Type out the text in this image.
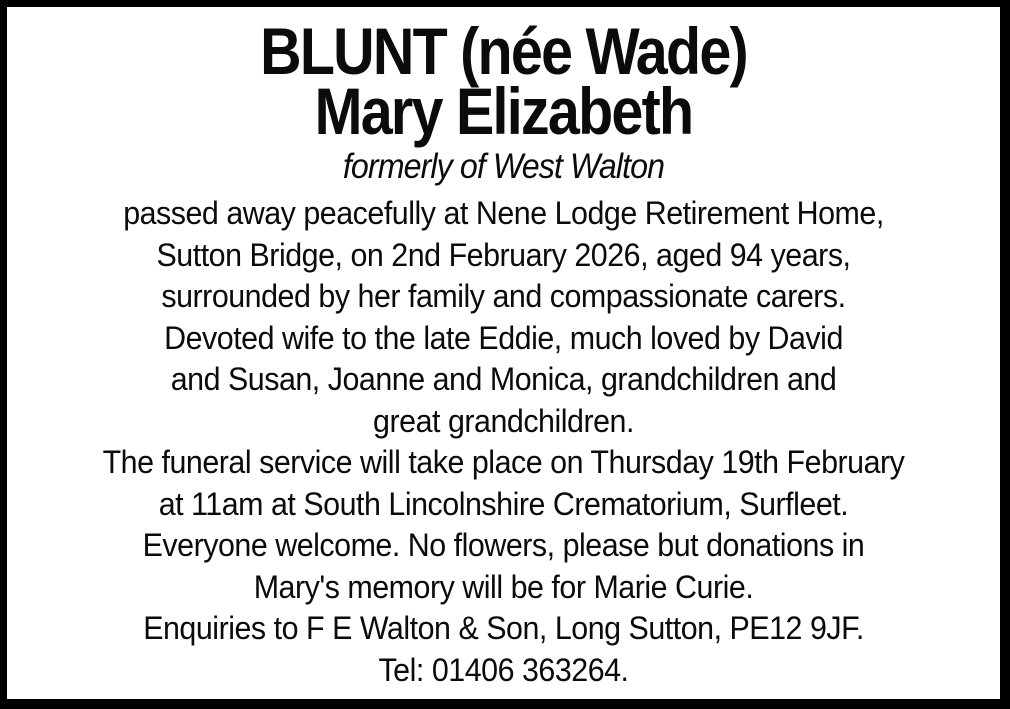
BLUNT (née Wade)
Mary Elizabeth
formerly of West Walton
passed away peacefully at Nene Lodge Retirement Home,
Sutton Bridge, on 2nd February 2026, aged 94 years,
surrounded by her family and compassionate carers.
Devoted wife to the late Eddie, much loved by David
and Susan, Joanne and Monica, grandchildren and
great grandchildren.
The funeral service will take place on Thursday 19th February
at 11am at South Lincolnshire Crematorium, Surfleet.
Everyone welcome. No flowers, please but donations in
Mary's memory will be for Marie Curie.
Enquiries to F E Walton & Son, Long Sutton, PE12 9JF.
Tel: 01406 363264.
